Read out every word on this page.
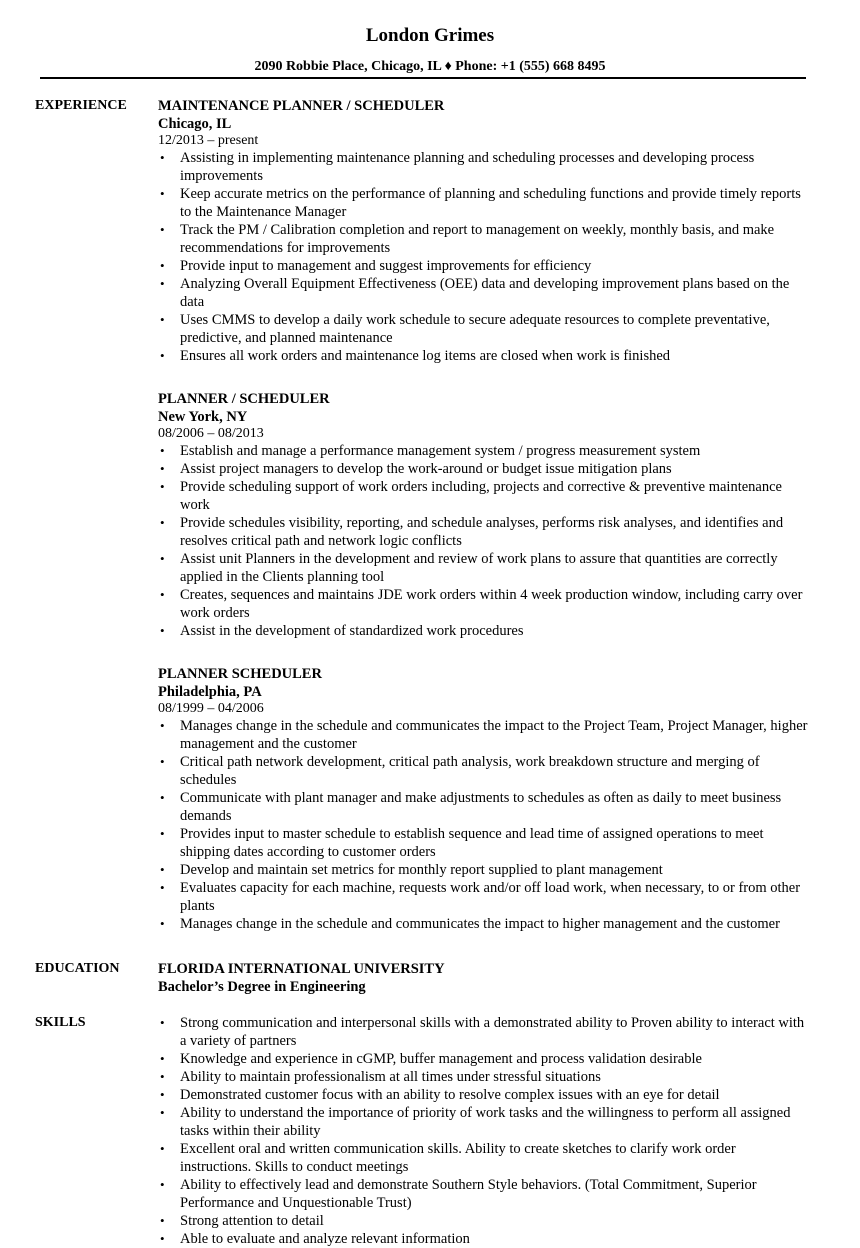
London Grimes
2090 Robbie Place, Chicago, IL ♦ Phone: +1 (555) 668 8495
EXPERIENCE	MAINTENANCE PLANNER / SCHEDULER
Chicago, IL
12/2013 – present
• Assisting in implementing maintenance planning and scheduling processes and developing process improvements
• Keep accurate metrics on the performance of planning and scheduling functions and provide timely reports to the Maintenance Manager
• Track the PM / Calibration completion and report to management on weekly, monthly basis, and make recommendations for improvements
• Provide input to management and suggest improvements for efficiency
• Analyzing Overall Equipment Effectiveness (OEE) data and developing improvement plans based on the data
• Uses CMMS to develop a daily work schedule to secure adequate resources to complete preventative, predictive, and planned maintenance
• Ensures all work orders and maintenance log items are closed when work is finished
PLANNER / SCHEDULER
New York, NY
08/2006 – 08/2013
• Establish and manage a performance management system / progress measurement system
• Assist project managers to develop the work-around or budget issue mitigation plans
• Provide scheduling support of work orders including, projects and corrective & preventive maintenance work
• Provide schedules visibility, reporting, and schedule analyses, performs risk analyses, and identifies and resolves critical path and network logic conflicts
• Assist unit Planners in the development and review of work plans to assure that quantities are correctly applied in the Clients planning tool
• Creates, sequences and maintains JDE work orders within 4 week production window, including carry over work orders
• Assist in the development of standardized work procedures
PLANNER SCHEDULER
Philadelphia, PA
08/1999 – 04/2006
• Manages change in the schedule and communicates the impact to the Project Team, Project Manager, higher management and the customer
• Critical path network development, critical path analysis, work breakdown structure and merging of schedules
• Communicate with plant manager and make adjustments to schedules as often as daily to meet business demands
• Provides input to master schedule to establish sequence and lead time of assigned operations to meet shipping dates according to customer orders
• Develop and maintain set metrics for monthly report supplied to plant management
• Evaluates capacity for each machine, requests work and/or off load work, when necessary, to or from other plants
• Manages change in the schedule and communicates the impact to higher management and the customer
EDUCATION	FLORIDA INTERNATIONAL UNIVERSITY
Bachelor’s Degree in Engineering
SKILLS	• Strong communication and interpersonal skills with a demonstrated ability to Proven ability to interact with a variety of partners
• Knowledge and experience in cGMP, buffer management and process validation desirable
• Ability to maintain professionalism at all times under stressful situations
• Demonstrated customer focus with an ability to resolve complex issues with an eye for detail
• Ability to understand the importance of priority of work tasks and the willingness to perform all assigned tasks within their ability
• Excellent oral and written communication skills. Ability to create sketches to clarify work order instructions. Skills to conduct meetings
• Ability to effectively lead and demonstrate Southern Style behaviors. (Total Commitment, Superior Performance and Unquestionable Trust)
• Strong attention to detail
• Able to evaluate and analyze relevant information
